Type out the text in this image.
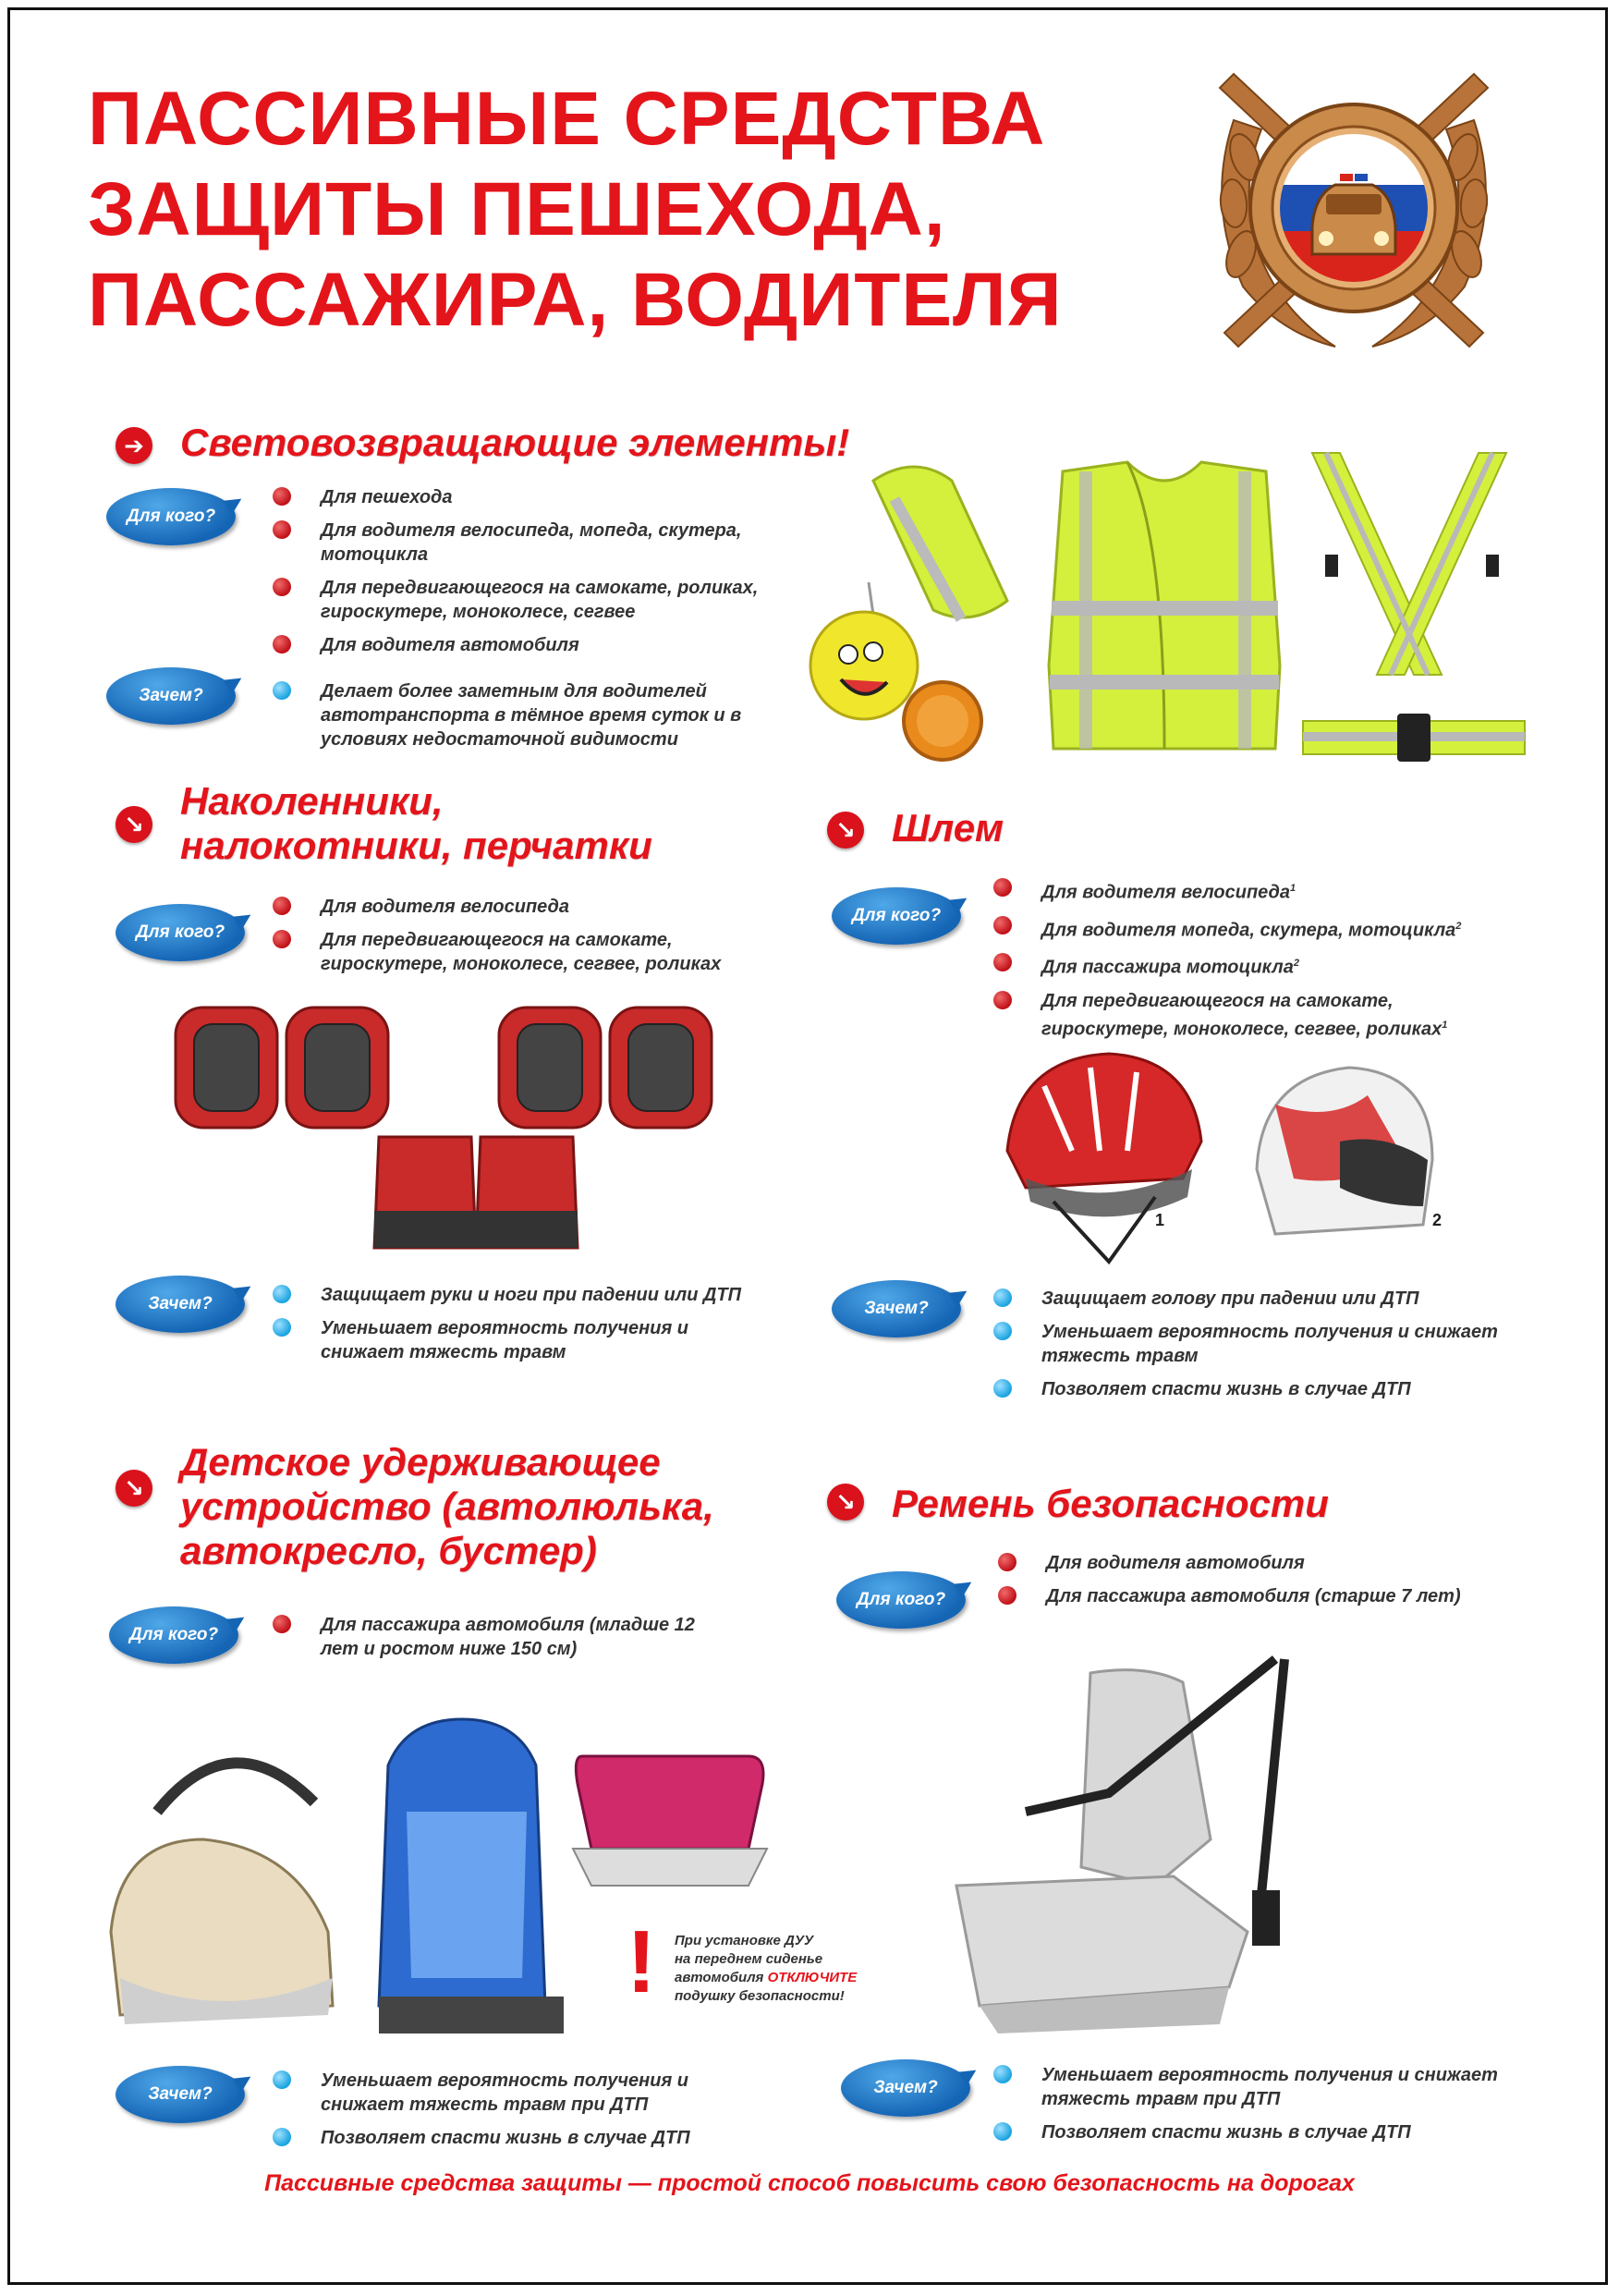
ПАССИВНЫЕ СРЕДСТВА
ЗАЩИТЫ ПЕШЕХОДА,
ПАССАЖИРА, ВОДИТЕЛЯ
➔ Световозвращающие элементы!
Для кого?
Для пешехода
Для водителя велосипеда, мопеда, скутера, мотоцикла
Для передвигающегося на самокате, роликах, гироскутере, моноколесе, сегвее
Для водителя автомобиля
Зачем?	Делает более заметным для водителей автотранспорта в тёмное время суток и в условиях недостаточной видимости
↘
Наколенники,
налокотники, перчатки
Для кого?
Для водителя велосипеда
Для передвигающегося на самокате, гироскутере, моноколесе, сегвее, роликах
Зачем?	Защищает руки и ноги при падении или ДТП
Уменьшает вероятность получения и снижает тяжесть травм
↘ Шлем
Для кого?
Для водителя велосипеда$^1$
Для водителя мопеда, скутера, мотоцикла$^2$
Для пассажира мотоцикла$^2$
Для передвигающегося на самокате, гироскутере, моноколесе, сегвее, роликах$^1$
1	2
Зачем?	Защищает голову при падении или ДТП
Уменьшает вероятность получения и снижает тяжесть травм
Позволяет спасти жизнь в случае ДТП
↘
Детское удерживающее
устройство (автолюлька,
автокресло, бустер)
Для кого?	Для пассажира автомобиля (младше 12 лет и ростом ниже 150 см)
! При установке ДУУ
на переднем сиденье
автомобиля ОТКЛЮЧИТЕ
подушку безопасности!
Зачем?
Уменьшает вероятность получения и снижает тяжесть травм при ДТП
Позволяет спасти жизнь в случае ДТП
↘ Ремень безопасности
Для кого?
Для водителя автомобиля
Для пассажира автомобиля (старше 7 лет)
Зачем?
Уменьшает вероятность получения и снижает тяжесть травм при ДТП
Позволяет спасти жизнь в случае ДТП
Пассивные средства защиты — простой способ повысить свою безопасность на дорогах
